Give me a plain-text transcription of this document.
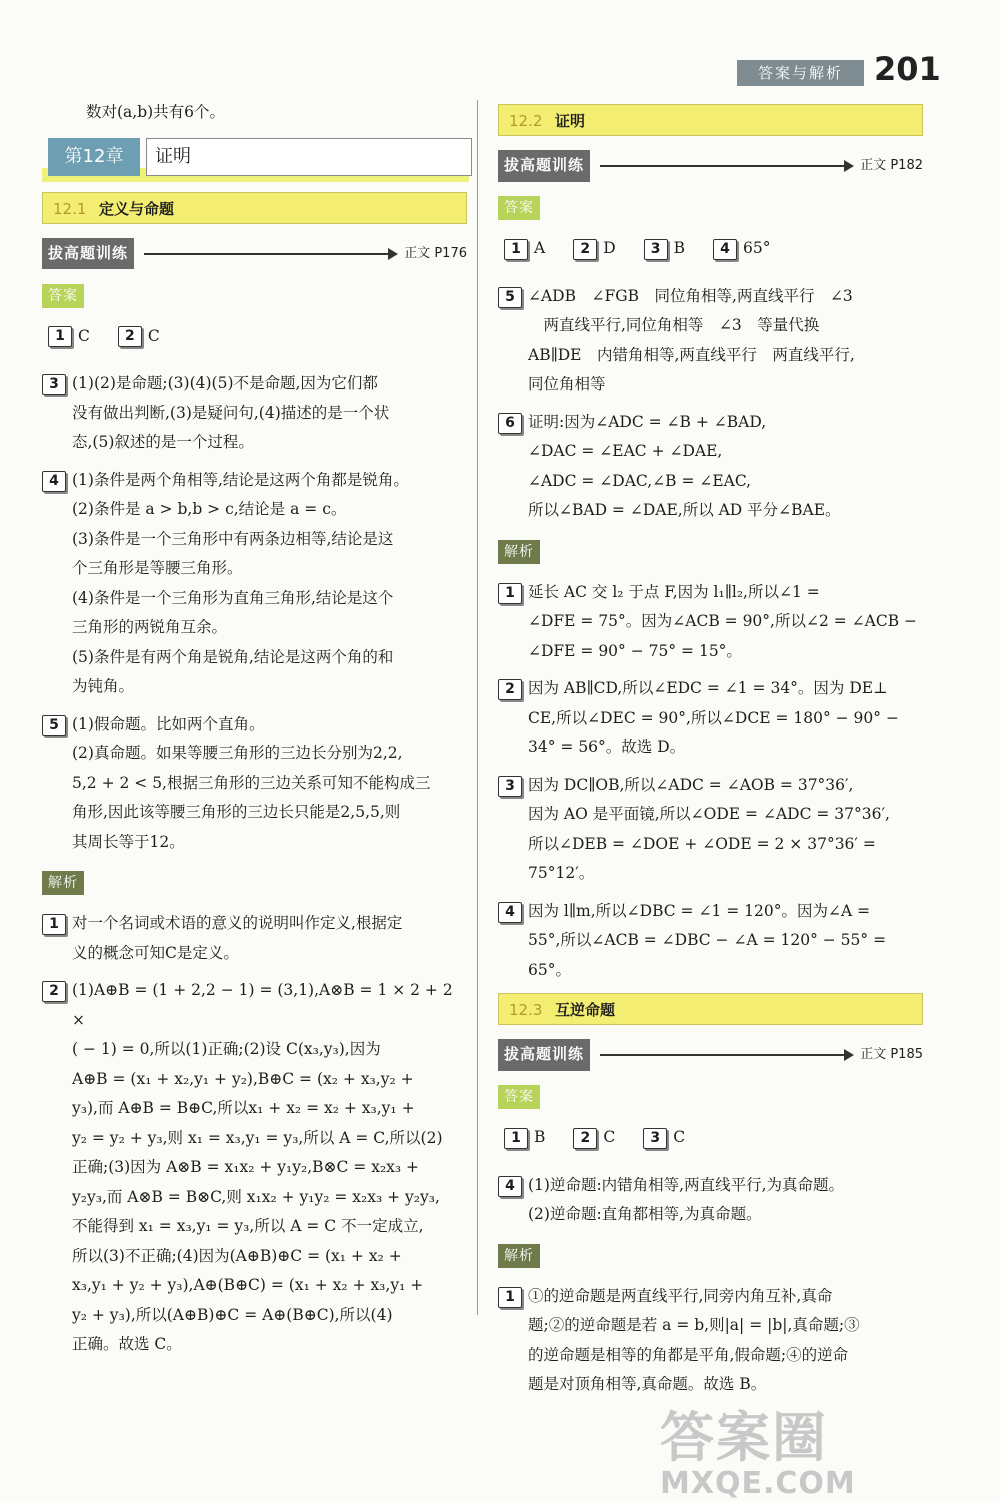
答案与解析 201

数对(a,b)共有6个。

第12章	证明
12.1 定义与命题
拔高题训练	正文 P176
答案
1 C	2 C
3 (1)(2)是命题;(3)(4)(5)不是命题,因为它们都

没有做出判断,(3)是疑问句,(4)描述的是一个状

态,(5)叙述的是一个过程。

4 (1)条件是两个角相等,结论是这两个角都是锐角。

(2)条件是 a > b,b > c,结论是 a = c。

(3)条件是一个三角形中有两条边相等,结论是这

个三角形是等腰三角形。

(4)条件是一个三角形为直角三角形,结论是这个

三角形的两锐角互余。

(5)条件是有两个角是锐角,结论是这两个角的和

为钝角。

5 (1)假命题。比如两个直角。

(2)真命题。如果等腰三角形的三边长分别为2,2,

5,2 + 2 < 5,根据三角形的三边关系可知不能构成三

角形,因此该等腰三角形的三边长只能是2,5,5,则

其周长等于12。

解析
1 对一个名词或术语的意义的说明叫作定义,根据定

义的概念可知C是定义。

2 (1)A⊕B = (1 + 2,2 − 1) = (3,1),A⊗B = 1 × 2 + 2 ×

( − 1) = 0,所以(1)正确;(2)设 C(x₃,y₃),因为

A⊕B = (x₁ + x₂,y₁ + y₂),B⊕C = (x₂ + x₃,y₂ +

y₃),而 A⊕B = B⊕C,所以x₁ + x₂ = x₂ + x₃,y₁ +

y₂ = y₂ + y₃,则 x₁ = x₃,y₁ = y₃,所以 A = C,所以(2)

正确;(3)因为 A⊗B = x₁x₂ + y₁y₂,B⊗C = x₂x₃ +

y₂y₃,而 A⊗B = B⊗C,则 x₁x₂ + y₁y₂ = x₂x₃ + y₂y₃,

不能得到 x₁ = x₃,y₁ = y₃,所以 A = C 不一定成立,

所以(3)不正确;(4)因为(A⊕B)⊕C = (x₁ + x₂ +

x₃,y₁ + y₂ + y₃),A⊕(B⊕C) = (x₁ + x₂ + x₃,y₁ +

y₂ + y₃),所以(A⊕B)⊕C = A⊕(B⊕C),所以(4)

正确。故选 C。

12.2 证明
拔高题训练	正文 P182
答案
1 A	2 D	3 B	4 65°
5 ∠ADB　∠FGB　同位角相等,两直线平行　∠3

　两直线平行,同位角相等　∠3　等量代换

AB∥DE　内错角相等,两直线平行　两直线平行,

同位角相等

6 证明:因为∠ADC = ∠B + ∠BAD,

∠DAC = ∠EAC + ∠DAE,

∠ADC = ∠DAC,∠B = ∠EAC,

所以∠BAD = ∠DAE,所以 AD 平分∠BAE。

解析
1 延长 AC 交 l₂ 于点 F,因为 l₁∥l₂,所以∠1 =

∠DFE = 75°。因为∠ACB = 90°,所以∠2 = ∠ACB −

∠DFE = 90° − 75° = 15°。

2 因为 AB∥CD,所以∠EDC = ∠1 = 34°。因为 DE⊥

CE,所以∠DEC = 90°,所以∠DCE = 180° − 90° −

34° = 56°。故选 D。

3 因为 DC∥OB,所以∠ADC = ∠AOB = 37°36′,

因为 AO 是平面镜,所以∠ODE = ∠ADC = 37°36′,

所以∠DEB = ∠DOE + ∠ODE = 2 × 37°36′ = 75°12′。

4 因为 l∥m,所以∠DBC = ∠1 = 120°。因为∠A =

55°,所以∠ACB = ∠DBC − ∠A = 120° − 55° = 65°。

12.3 互逆命题
拔高题训练	正文 P185
答案
1 B	2 C	3 C
4 (1)逆命题:内错角相等,两直线平行,为真命题。

(2)逆命题:直角都相等,为真命题。

解析
1 ①的逆命题是两直线平行,同旁内角互补,真命

题;②的逆命题是若 a = b,则|a| = |b|,真命题;③

的逆命题是相等的角都是平角,假命题;④的逆命

题是对顶角相等,真命题。故选 B。

答案圈
MXQE.COM
